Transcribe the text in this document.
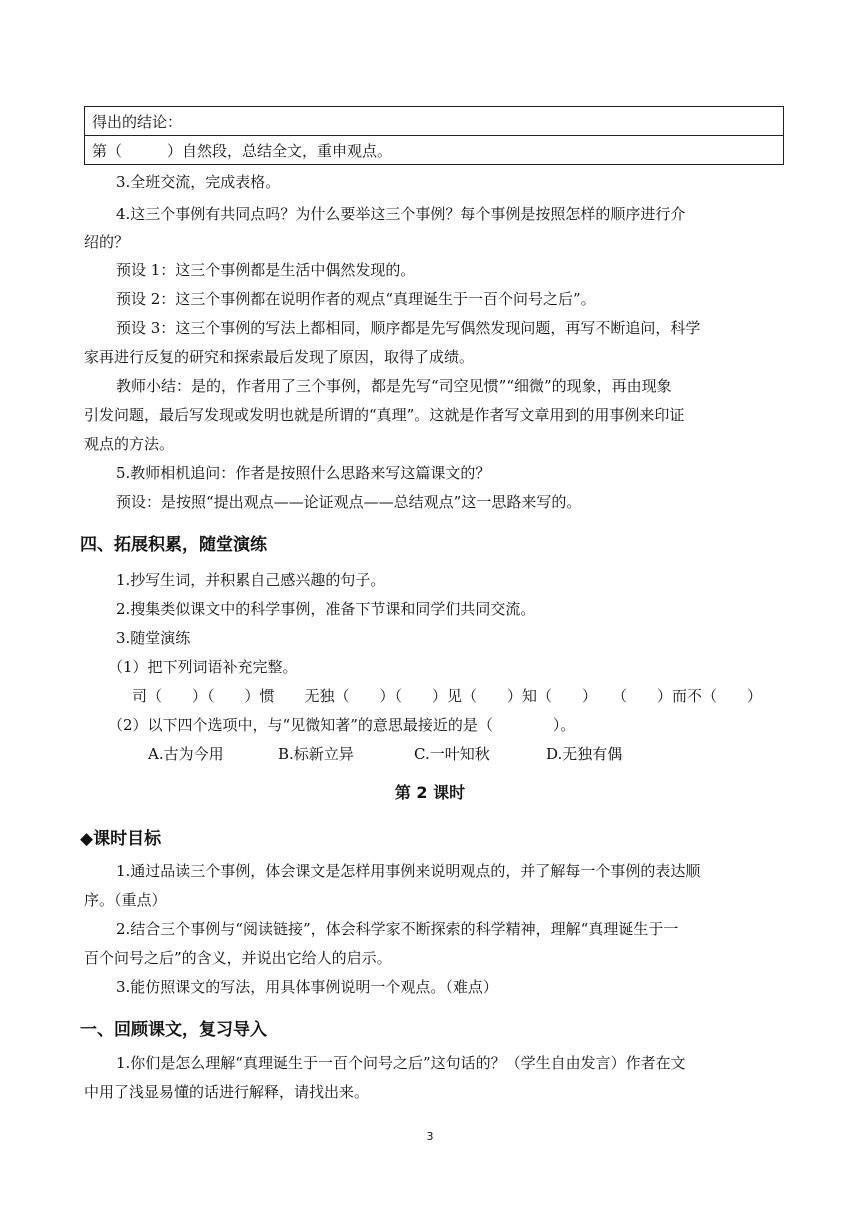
得出的结论：
第（　　　）自然段，总结全文，重申观点。
3.全班交流，完成表格。
4.这三个事例有共同点吗？为什么要举这三个事例？每个事例是按照怎样的顺序进行介
绍的？
预设 1：这三个事例都是生活中偶然发现的。
预设 2：这三个事例都在说明作者的观点“真理诞生于一百个问号之后”。
预设 3：这三个事例的写法上都相同，顺序都是先写偶然发现问题，再写不断追问，科学
家再进行反复的研究和探索最后发现了原因，取得了成绩。
教师小结：是的，作者用了三个事例，都是先写“司空见惯”“细微”的现象，再由现象
引发问题，最后写发现或发明也就是所谓的“真理”。这就是作者写文章用到的用事例来印证
观点的方法。
5.教师相机追问：作者是按照什么思路来写这篇课文的？
预设：是按照“提出观点——论证观点——总结观点”这一思路来写的。
四、拓展积累，随堂演练
1.抄写生词，并积累自己感兴趣的句子。
2.搜集类似课文中的科学事例，准备下节课和同学们共同交流。
3.随堂演练
（1）把下列词语补充完整。
司（　　）（　　）惯　　无独（　　）（　　）见（　　）知（　　）　　（　　）而不（　　）
（2）以下四个选项中，与“见微知著”的意思最接近的是（　　　　）。
A.古为今用	B.标新立异	C.一叶知秋	D.无独有偶
第 2 课时
◆课时目标
1.通过品读三个事例，体会课文是怎样用事例来说明观点的，并了解每一个事例的表达顺
序。（重点）
2.结合三个事例与“阅读链接”，体会科学家不断探索的科学精神，理解“真理诞生于一
百个问号之后”的含义，并说出它给人的启示。
3.能仿照课文的写法，用具体事例说明一个观点。（难点）
一、回顾课文，复习导入
1.你们是怎么理解“真理诞生于一百个问号之后”这句话的？（学生自由发言）作者在文
中用了浅显易懂的话进行解释，请找出来。
3
